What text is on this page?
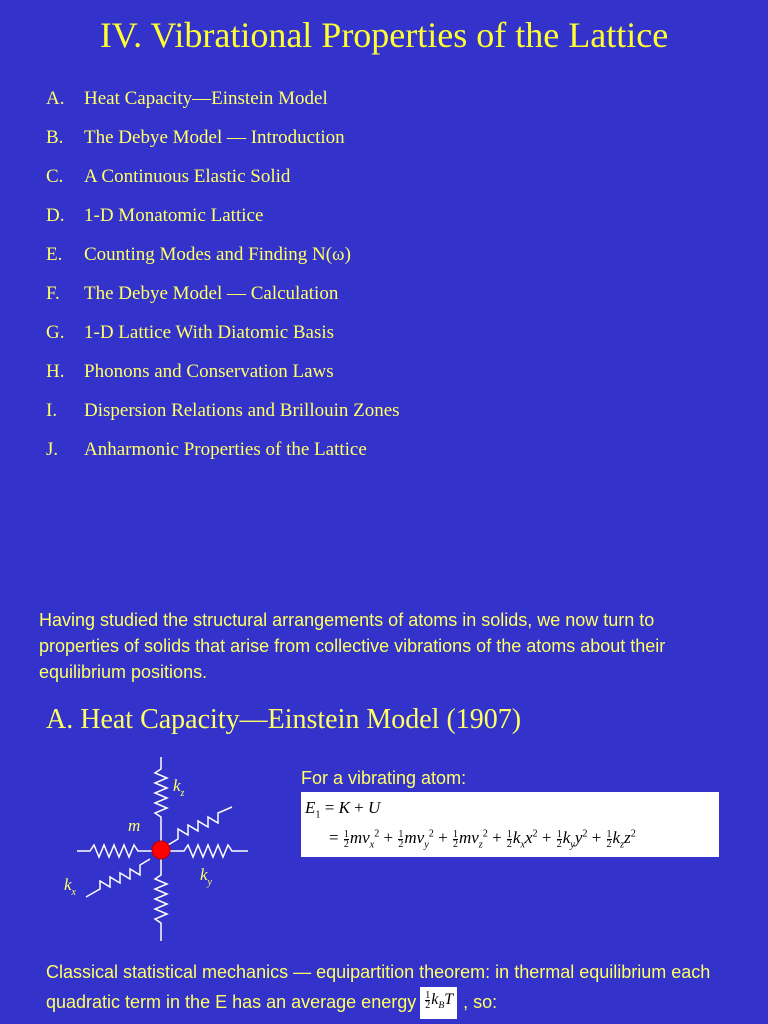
IV. Vibrational Properties of the Lattice
A.	Heat Capacity—Einstein Model
B.	The Debye Model — Introduction
C.	A Continuous Elastic Solid
D.	1-D Monatomic Lattice
E.	Counting Modes and Finding N(ω)
F.	The Debye Model — Calculation
G.	1-D Lattice With Diatomic Basis
H.	Phonons and Conservation Laws
I.	Dispersion Relations and Brillouin Zones
J.	Anharmonic Properties of the Lattice
Having studied the structural arrangements of atoms in solids, we now turn to properties of solids that arise from collective vibrations of the atoms about their equilibrium positions.
A. Heat Capacity—Einstein Model (1907)
m
$k_z$
$k_x$
$k_y$
For a vibrating atom:
$E_1 = K + U$
= $\frac{1}{2} mv_x^2 + \frac{1}{2} mv_y^2 + \frac{1}{2} mv_z^2 + \frac{1}{2} k_xx^2 + \frac{1}{2} k_yy^2 + \frac{1}{2} k_zz^2$
Classical statistical mechanics — equipartition theorem: in thermal equilibrium each quadratic term in the E has an average energy $\frac{1}{2} k_BT$ , so:
